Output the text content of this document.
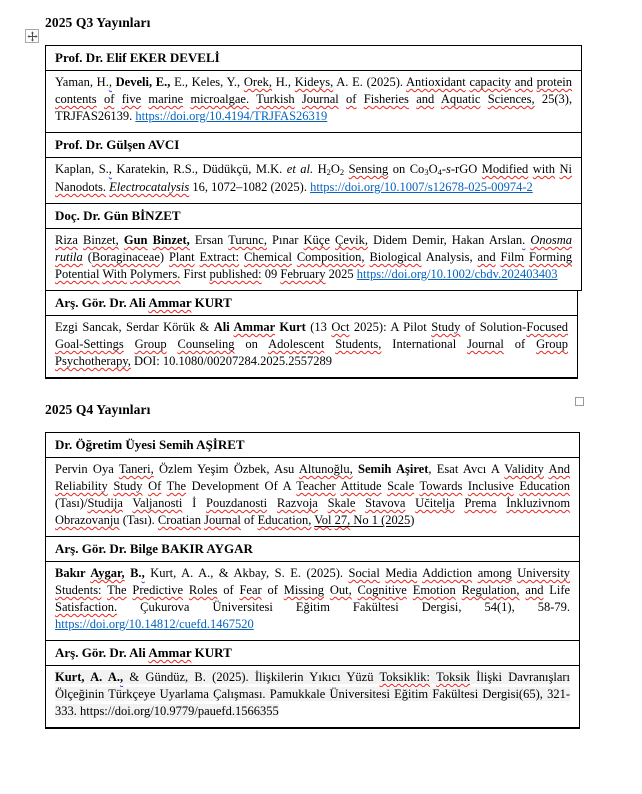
2025 Q3 Yayınları

Prof. Dr. Elif EKER DEVELİ

Yaman, H., Develi, E., E., Keles, Y., Orek, H., Kideys, A. E. (2025). Antioxidant capacity and protein contents of five marine microalgae. Turkish Journal of Fisheries and Aquatic Sciences, 25(3), TRJFAS26139. https://doi.org/10.4194/TRJFAS26319

Prof. Dr. Gülşen AVCI

Kaplan, S., Karatekin, R.S., Düdükçü, M.K. et al. H2O2 Sensing on Co3O4-s-rGO Modified with Ni Nanodots. Electrocatalysis 16, 1072–1082 (2025). https://doi.org/10.1007/s12678-025-00974-2

Doç. Dr. Gün BİNZET

Riza Binzet, Gun Binzet, Ersan Turunc, Pınar Küçe Çevik, Didem Demir, Hakan Arslan. Onosma rutila (Boraginaceae) Plant Extract: Chemical Composition, Biological Analysis, and Film Forming Potential With Polymers. First published: 09 February 2025 https://doi.org/10.1002/cbdv.202403403

Arş. Gör. Dr. Ali Ammar KURT

Ezgi Sancak, Serdar Körük & Ali Ammar Kurt (13 Oct 2025): A Pilot Study of Solution-Focused Goal-Settings Group Counseling on Adolescent Students, International Journal of Group Psychotherapy, DOI: 10.1080/00207284.2025.2557289

2025 Q4 Yayınları

Dr. Öğretim Üyesi Semih AŞİRET

Pervin Oya Taneri, Özlem Yeşim Özbek, Asu Altunoğlu, Semih Aşiret, Esat Avcı A Validity And Reliability Study Of The Development Of A Teacher Attitude Scale Towards Inclusive Education (Tası)/Studija Valjanosti İ Pouzdanosti Razvoja Skale Stavova Učitelja Prema İnkluzivnom Obrazovanju (Tası). Croatian Journal of Education, Vol 27, No 1 (2025)

Arş. Gör. Dr. Bilge BAKIR AYGAR

Bakır Aygar, B., Kurt, A. A., & Akbay, S. E. (2025). Social Media Addiction among University Students: The Predictive Roles of Fear of Missing Out, Cognitive Emotion Regulation, and Life Satisfaction. Çukurova Üniversitesi Eğitim Fakültesi Dergisi, 54(1), 58-79. https://doi.org/10.14812/cuefd.1467520

Arş. Gör. Dr. Ali Ammar KURT

Kurt, A. A., & Gündüz, B. (2025). İlişkilerin Yıkıcı Yüzü Toksiklik: Toksik İlişki Davranışları Ölçeğinin Türkçeye Uyarlama Çalışması. Pamukkale Üniversitesi Eğitim Fakültesi Dergisi(65), 321-333. https://doi.org/10.9779/pauefd.1566355
